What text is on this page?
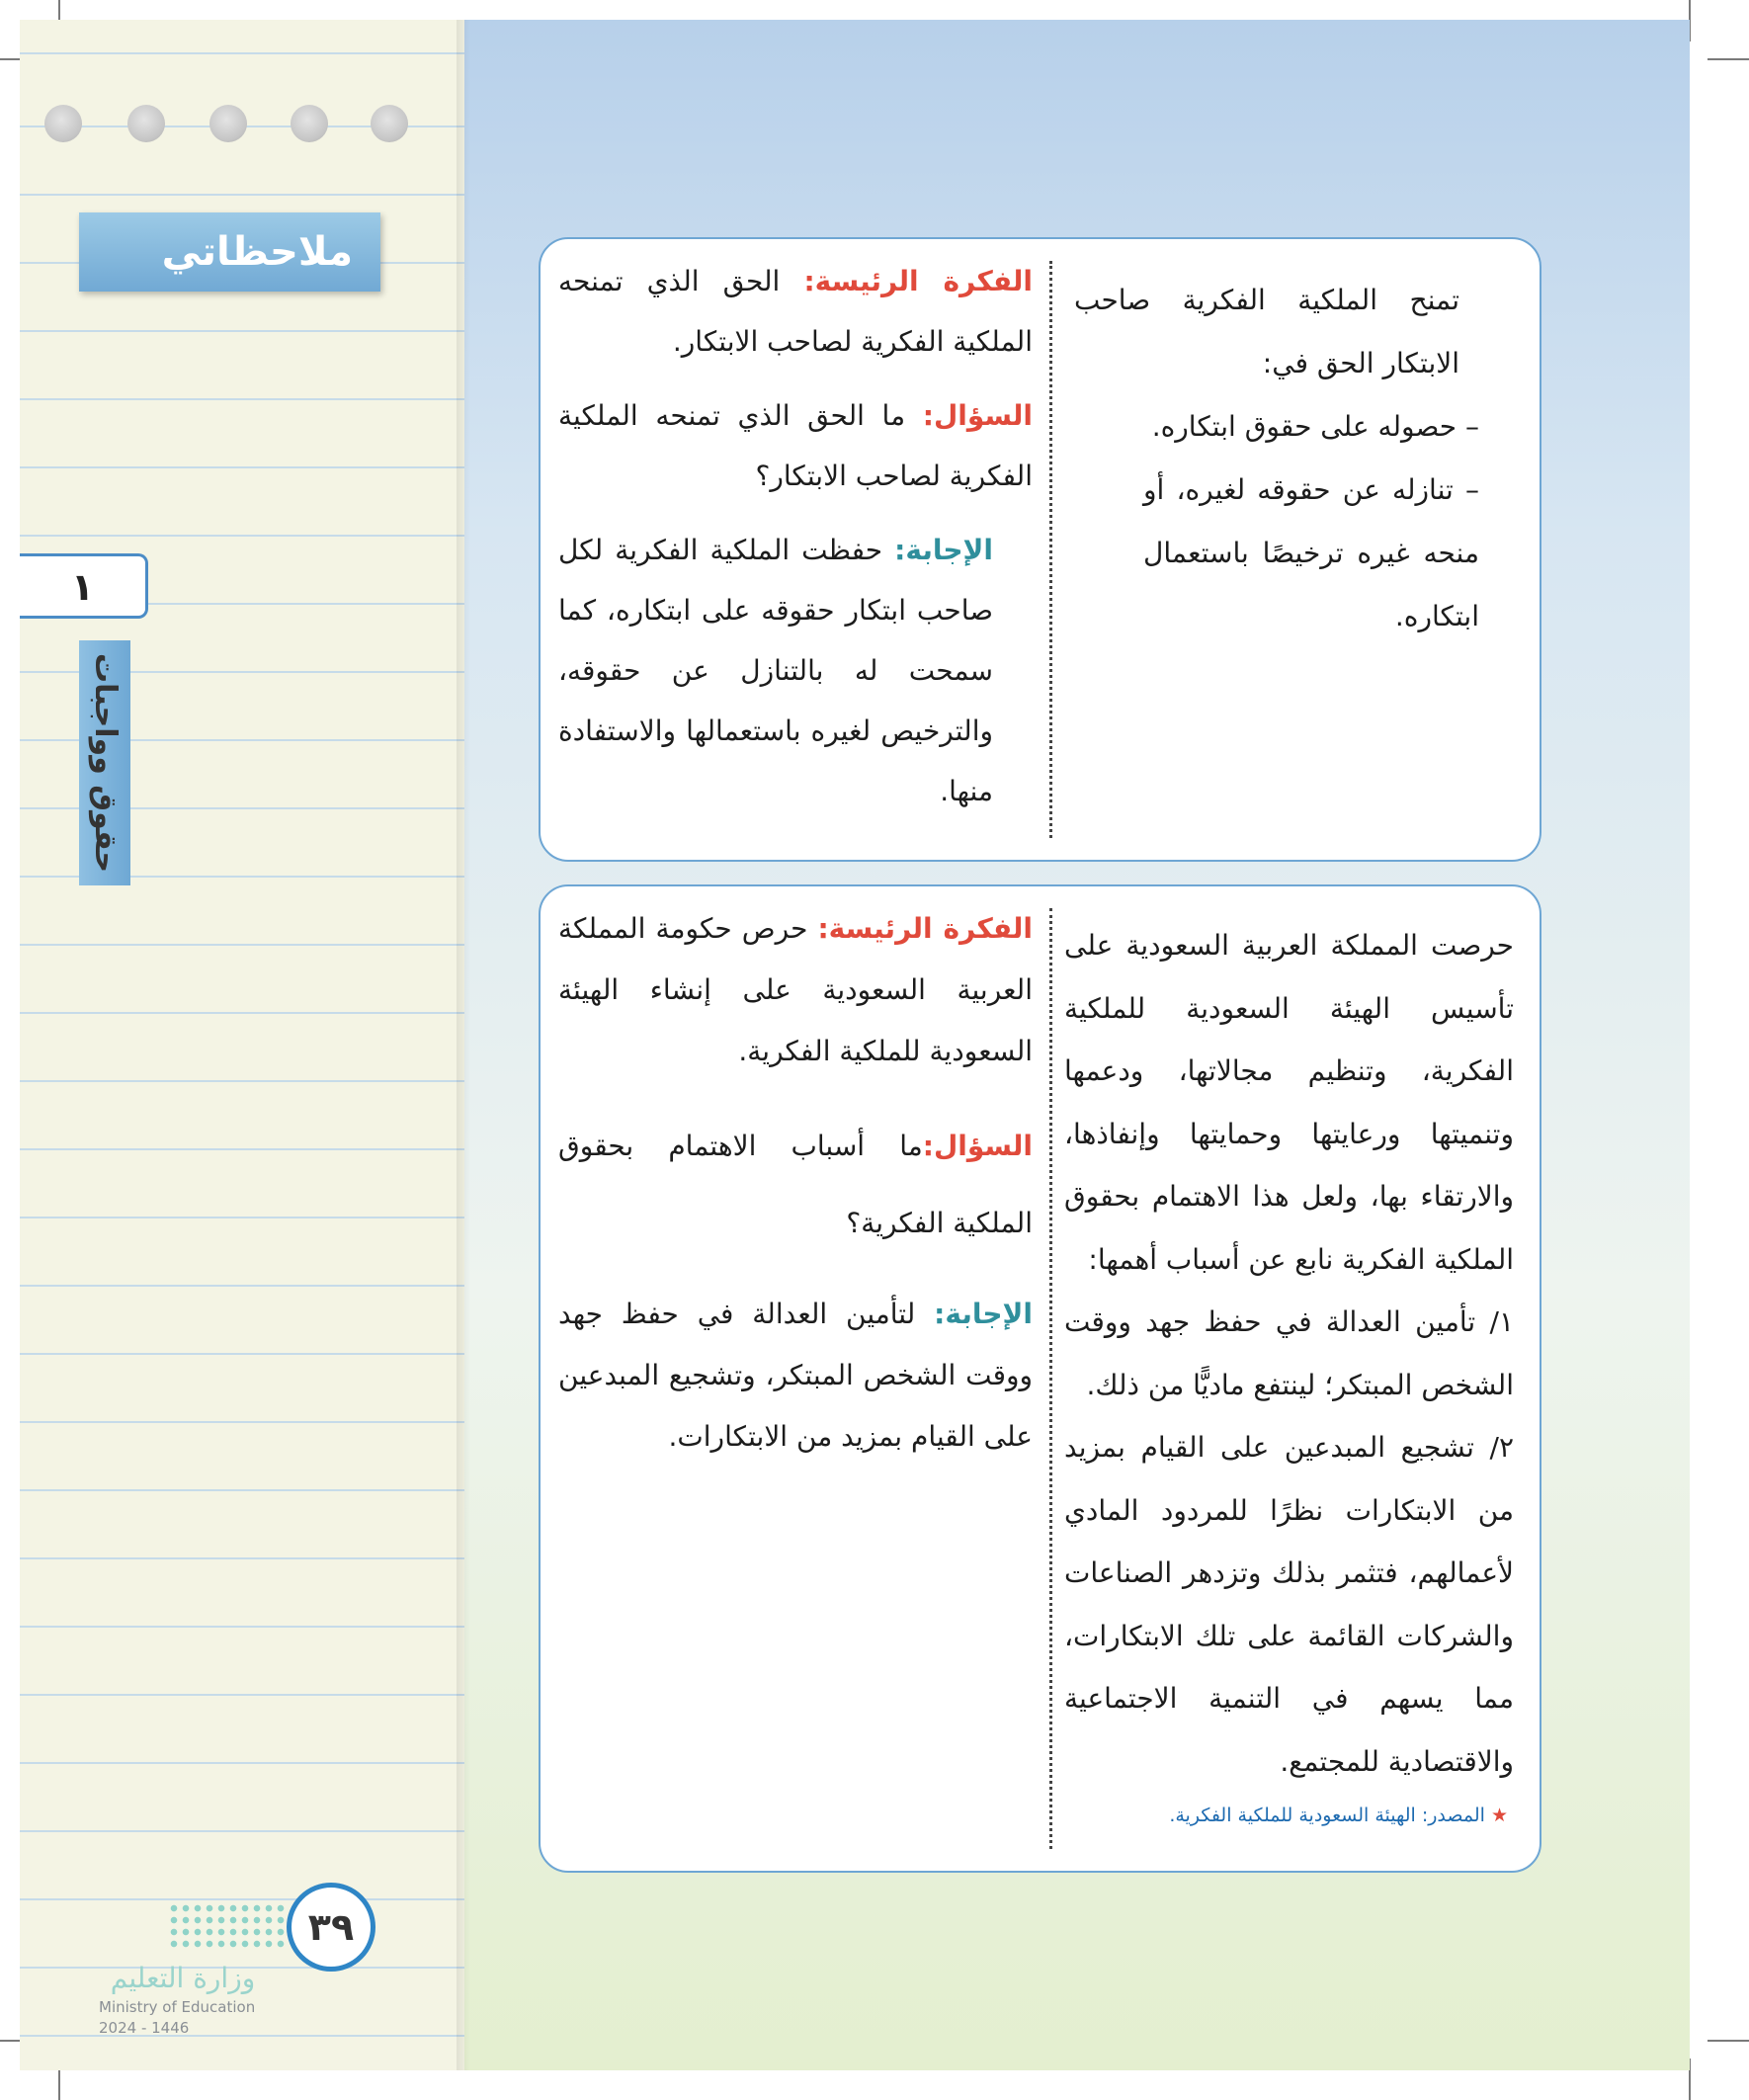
ملاحظاتي
١
حقوق وواجبات

تمنح الملكية الفكرية صاحب الابتكار الحق في:

– حصوله على حقوق ابتكاره.

– تنازله عن حقوقه لغيره، أو منحه غيره ترخيصًا باستعمال ابتكاره.

الفكرة الرئيسة: الحق الذي تمنحه الملكية الفكرية لصاحب الابتكار.

السؤال: ما الحق الذي تمنحه الملكية الفكرية لصاحب الابتكار؟

الإجابة: حفظت الملكية الفكرية لكل صاحب ابتكار حقوقه على ابتكاره، كما سمحت له بالتنازل عن حقوقه، والترخيص لغيره باستعمالها والاستفادة منها.

حرصت المملكة العربية السعودية على تأسيس الهيئة السعودية للملكية الفكرية، وتنظيم مجالاتها، ودعمها وتنميتها ورعايتها وحمايتها وإنفاذها، والارتقاء بها، ولعل هذا الاهتمام بحقوق الملكية الفكرية نابع عن أسباب أهمها:

١/ تأمين العدالة في حفظ جهد ووقت الشخص المبتكر؛ لينتفع ماديًّا من ذلك.

٢/ تشجيع المبدعين على القيام بمزيد من الابتكارات نظرًا للمردود المادي لأعمالهم، فتثمر بذلك وتزدهر الصناعات والشركات القائمة على تلك الابتكارات، مما يسهم في التنمية الاجتماعية والاقتصادية للمجتمع.

★ المصدر: الهيئة السعودية للملكية الفكرية.

الفكرة الرئيسة: حرص حكومة المملكة العربية السعودية على إنشاء الهيئة السعودية للملكية الفكرية.

السؤال:ما أسباب الاهتمام بحقوق الملكية الفكرية؟

الإجابة: لتأمين العدالة في حفظ جهد ووقت الشخص المبتكر، وتشجيع المبدعين على القيام بمزيد من الابتكارات.

٣٩
وزارة التعليم
Ministry of Education
2024 - 1446
